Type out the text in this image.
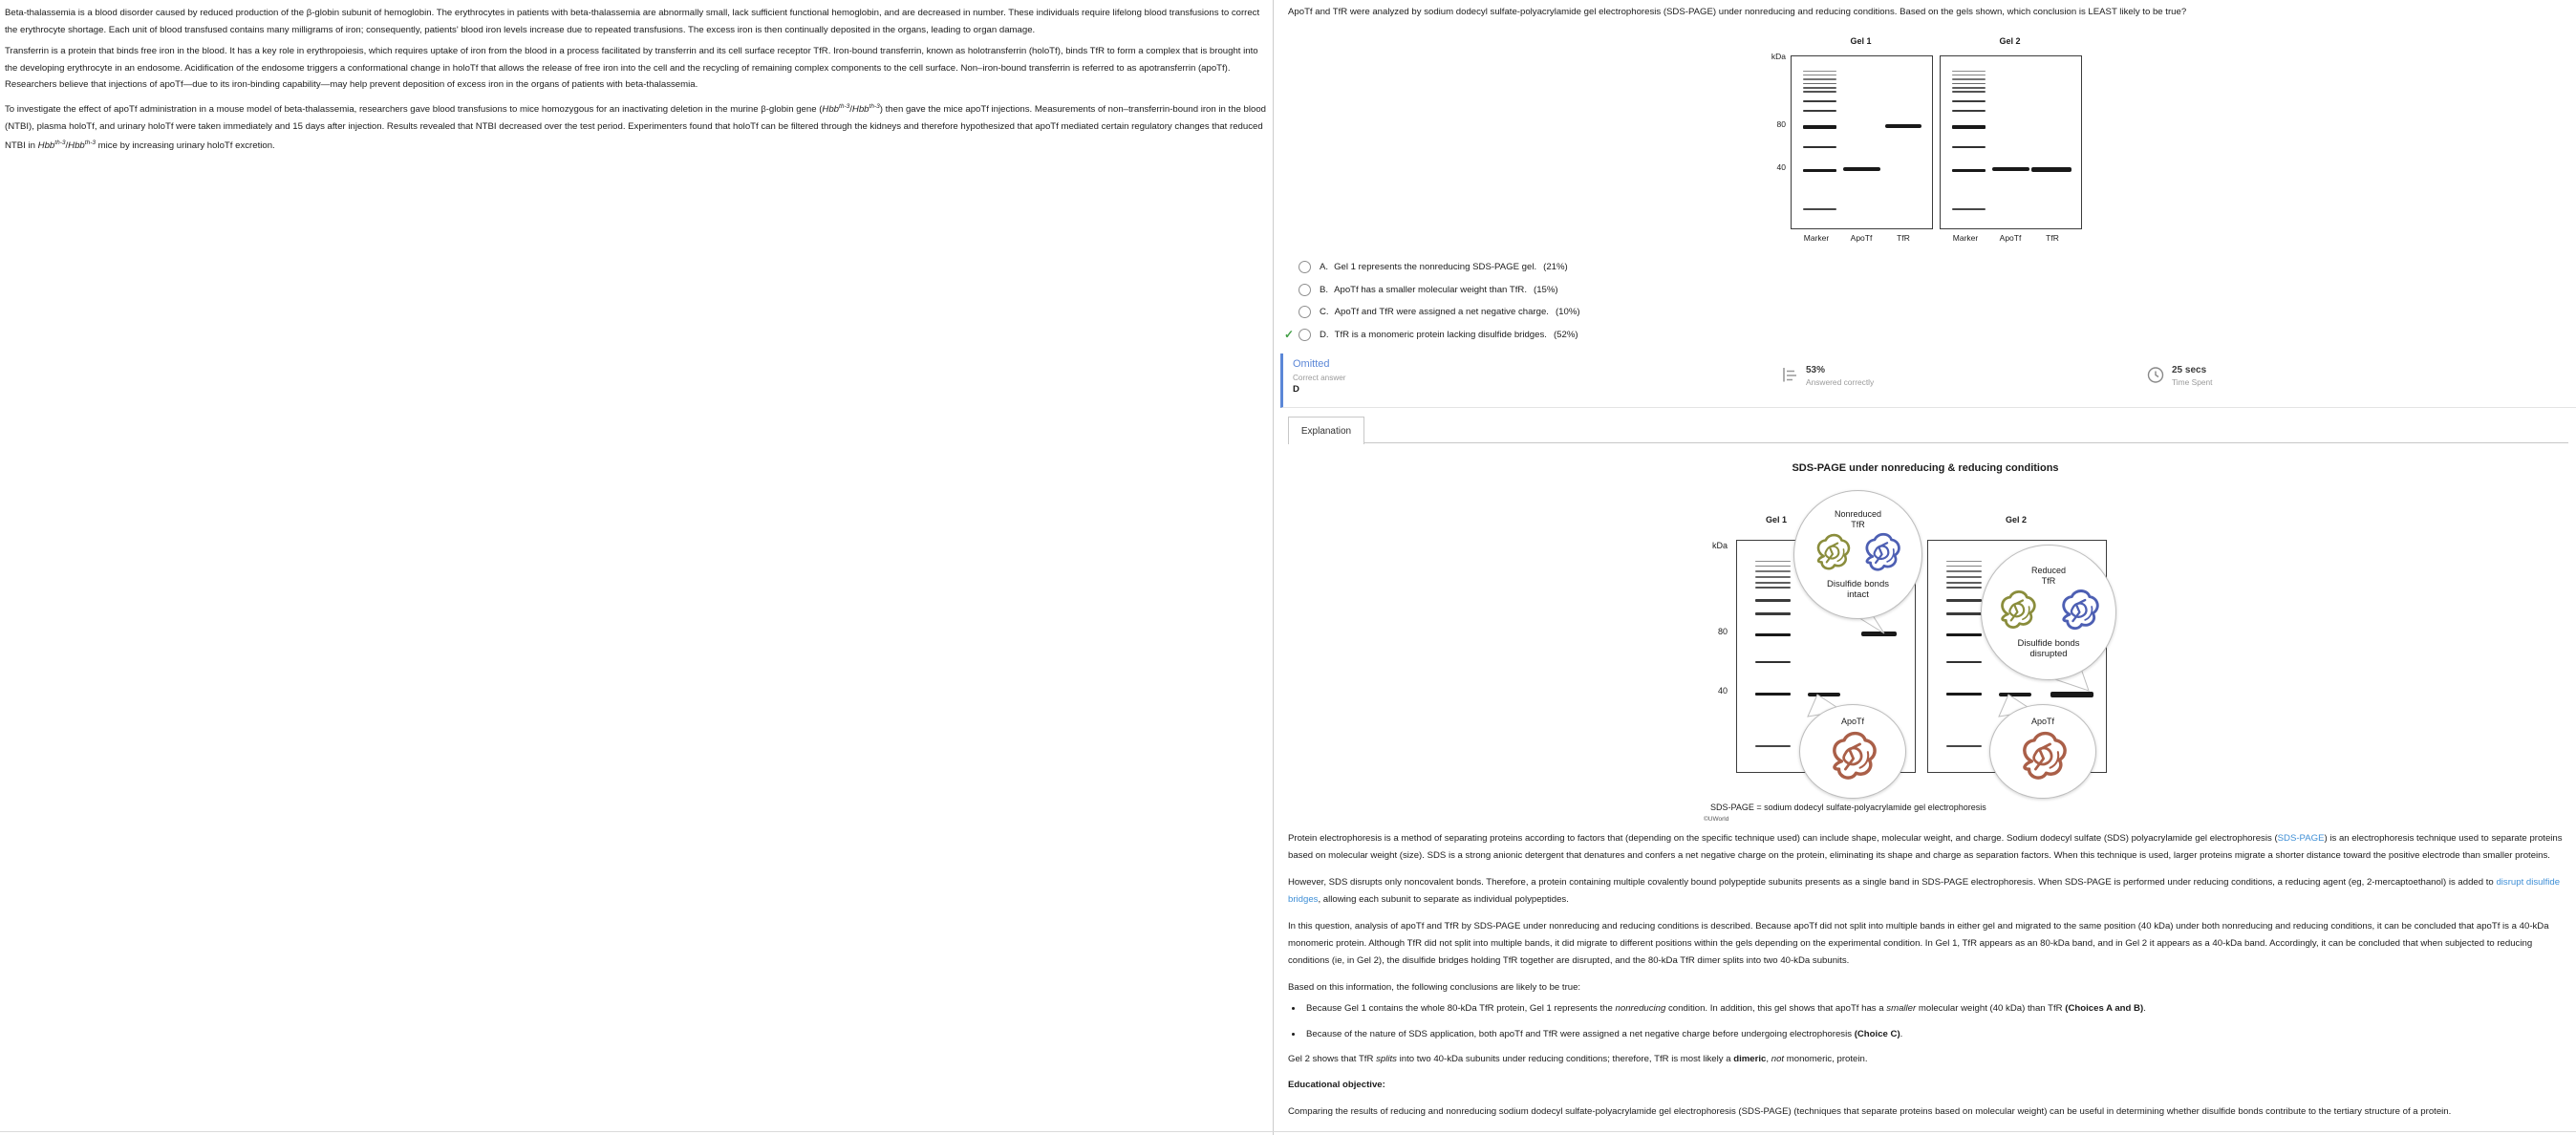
Beta-thalassemia is a blood disorder caused by reduced production of the β-globin subunit of hemoglobin. The erythrocytes in patients with beta-thalassemia are abnormally small, lack sufficient functional hemoglobin, and are decreased in number. These individuals require lifelong blood transfusions to correct the erythrocyte shortage. Each unit of blood transfused contains many milligrams of iron; consequently, patients' blood iron levels increase due to repeated transfusions. The excess iron is then continually deposited in the organs, leading to organ damage.

Transferrin is a protein that binds free iron in the blood. It has a key role in erythropoiesis, which requires uptake of iron from the blood in a process facilitated by transferrin and its cell surface receptor TfR. Iron-bound transferrin, known as holotransferrin (holoTf), binds TfR to form a complex that is brought into the developing erythrocyte in an endosome. Acidification of the endosome triggers a conformational change in holoTf that allows the release of free iron into the cell and the recycling of remaining complex components to the cell surface. Non–iron-bound transferrin is referred to as apotransferrin (apoTf). Researchers believe that injections of apoTf—due to its iron-binding capability—may help prevent deposition of excess iron in the organs of patients with beta-thalassemia.

To investigate the effect of apoTf administration in a mouse model of beta-thalassemia, researchers gave blood transfusions to mice homozygous for an inactivating deletion in the murine β-globin gene (Hbb$^{th-3}$/Hbb$^{th-3}$) then gave the mice apoTf injections. Measurements of non–transferrin-bound iron in the blood (NTBI), plasma holoTf, and urinary holoTf were taken immediately and 15 days after injection. Results revealed that NTBI decreased over the test period. Experimenters found that holoTf can be filtered through the kidneys and therefore hypothesized that apoTf mediated certain regulatory changes that reduced NTBI in Hbb$^{th-3}$/Hbb$^{th-3}$ mice by increasing urinary holoTf excretion.

ApoTf and TfR were analyzed by sodium dodecyl sulfate-polyacrylamide gel electrophoresis (SDS-PAGE) under nonreducing and reducing conditions. Based on the gels shown, which conclusion is LEAST likely to be true?

Gel 1	Gel 2
kDa
80
40
Marker	ApoTf	TfR	Marker	ApoTf	TfR
A. Gel 1 represents the nonreducing SDS-PAGE gel. (21%)
B. ApoTf has a smaller molecular weight than TfR. (15%)
C. ApoTf and TfR were assigned a net negative charge. (10%)
✓	D. TfR is a monomeric protein lacking disulfide bridges. (52%)
Omitted
Correct answer
D
53%
Answered correctly
25 secs
Time Spent
Explanation
SDS-PAGE under nonreducing & reducing conditions
Gel 1	Gel 2
kDa
80
40
Nonreduced
TfR
Disulfide bonds
intact
Reduced
TfR
Disulfide bonds
disrupted
ApoTf	ApoTf
SDS-PAGE = sodium dodecyl sulfate-polyacrylamide gel electrophoresis
©UWorld

Protein electrophoresis is a method of separating proteins according to factors that (depending on the specific technique used) can include shape, molecular weight, and charge. Sodium dodecyl sulfate (SDS) polyacrylamide gel electrophoresis (SDS-PAGE) is an electrophoresis technique used to separate proteins based on molecular weight (size). SDS is a strong anionic detergent that denatures and confers a net negative charge on the protein, eliminating its shape and charge as separation factors. When this technique is used, larger proteins migrate a shorter distance toward the positive electrode than smaller proteins.

However, SDS disrupts only noncovalent bonds. Therefore, a protein containing multiple covalently bound polypeptide subunits presents as a single band in SDS-PAGE electrophoresis. When SDS-PAGE is performed under reducing conditions, a reducing agent (eg, 2-mercaptoethanol) is added to disrupt disulfide bridges, allowing each subunit to separate as individual polypeptides.

In this question, analysis of apoTf and TfR by SDS-PAGE under nonreducing and reducing conditions is described. Because apoTf did not split into multiple bands in either gel and migrated to the same position (40 kDa) under both nonreducing and reducing conditions, it can be concluded that apoTf is a 40-kDa monomeric protein. Although TfR did not split into multiple bands, it did migrate to different positions within the gels depending on the experimental condition. In Gel 1, TfR appears as an 80-kDa band, and in Gel 2 it appears as a 40-kDa band. Accordingly, it can be concluded that when subjected to reducing conditions (ie, in Gel 2), the disulfide bridges holding TfR together are disrupted, and the 80-kDa TfR dimer splits into two 40-kDa subunits.

Based on this information, the following conclusions are likely to be true:

• Because Gel 1 contains the whole 80-kDa TfR protein, Gel 1 represents the nonreducing condition. In addition, this gel shows that apoTf has a smaller molecular weight (40 kDa) than TfR (Choices A and B).
• Because of the nature of SDS application, both apoTf and TfR were assigned a net negative charge before undergoing electrophoresis (Choice C).

Gel 2 shows that TfR splits into two 40-kDa subunits under reducing conditions; therefore, TfR is most likely a dimeric, not monomeric, protein.

Educational objective:

Comparing the results of reducing and nonreducing sodium dodecyl sulfate-polyacrylamide gel electrophoresis (SDS-PAGE) (techniques that separate proteins based on molecular weight) can be useful in determining whether disulfide bonds contribute to the tertiary structure of a protein.
